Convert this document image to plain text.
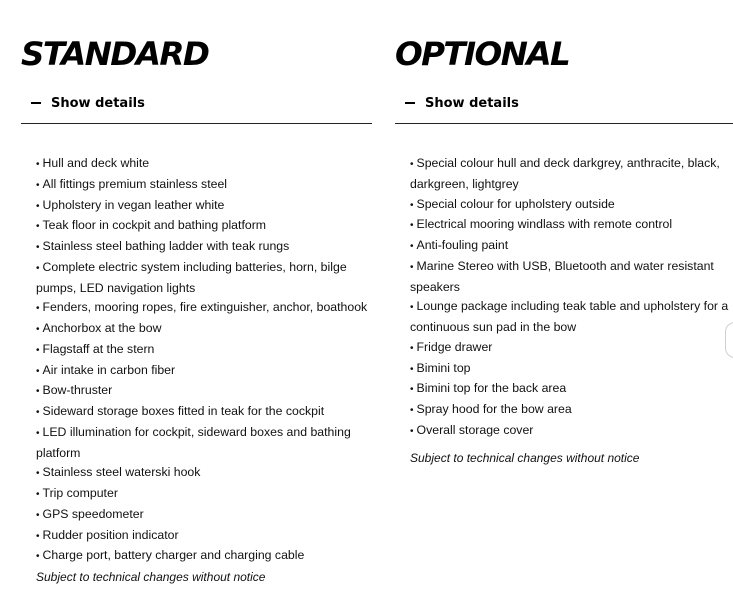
STANDARD
Show details
• Hull and deck white
• All fittings premium stainless steel
• Upholstery in vegan leather white
• Teak floor in cockpit and bathing platform
• Stainless steel bathing ladder with teak rungs
• Complete electric system including batteries, horn, bilge pumps, LED navigation lights
• Fenders, mooring ropes, fire extinguisher, anchor, boathook
• Anchorbox at the bow
• Flagstaff at the stern
• Air intake in carbon fiber
• Bow-thruster
• Sideward storage boxes fitted in teak for the cockpit
• LED illumination for cockpit, sideward boxes and bathing platform
• Stainless steel waterski hook
• Trip computer
• GPS speedometer
• Rudder position indicator
• Charge port, battery charger and charging cable
Subject to technical changes without notice
OPTIONAL
Show details
• Special colour hull and deck darkgrey, anthracite, black, darkgreen, lightgrey
• Special colour for upholstery outside
• Electrical mooring windlass with remote control
• Anti-fouling paint
• Marine Stereo with USB, Bluetooth and water resistant speakers
• Lounge package including teak table and upholstery for a continuous sun pad in the bow
• Fridge drawer
• Bimini top
• Bimini top for the back area
• Spray hood for the bow area
• Overall storage cover
Subject to technical changes without notice
